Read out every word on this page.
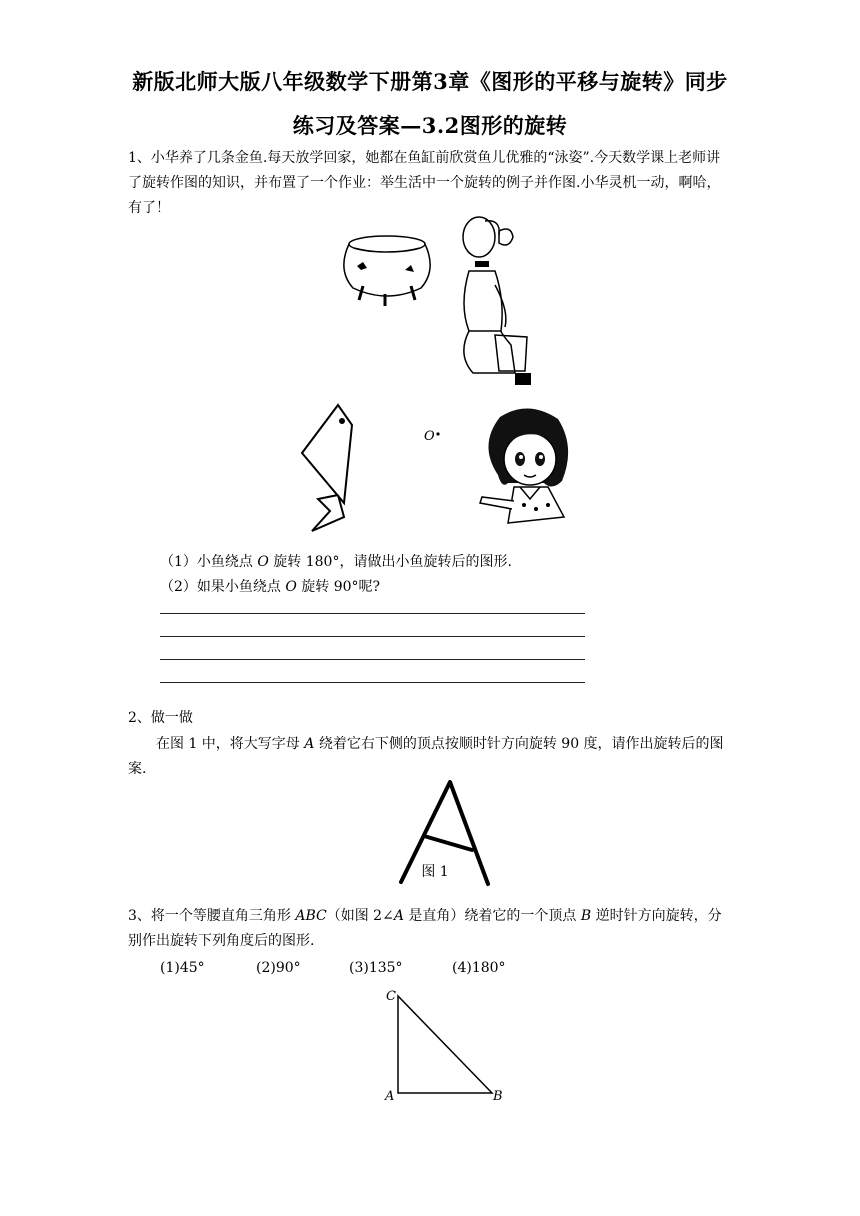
新版北师大版八年级数学下册第3章《图形的平移与旋转》同步
练习及答案—3.2图形的旋转
1、小华养了几条金鱼.每天放学回家，她都在鱼缸前欣赏鱼儿优雅的“泳姿”.今天数学课上老师讲了旋转作图的知识，并布置了一个作业：举生活中一个旋转的例子并作图.小华灵机一动，啊哈，有了！
O
（1）小鱼绕点 O 旋转 180°，请做出小鱼旋转后的图形.
（2）如果小鱼绕点 O 旋转 90°呢?
2、做一做
在图 1 中，将大写字母 A 绕着它右下侧的顶点按顺时针方向旋转 90 度，请作出旋转后的图案.
图 1
3、将一个等腰直角三角形 ABC（如图 2∠A 是直角）绕着它的一个顶点 B 逆时针方向旋转，分别作出旋转下列角度后的图形.
(1)45°	(2)90°	(3)135°	(4)180°
C
A	B
